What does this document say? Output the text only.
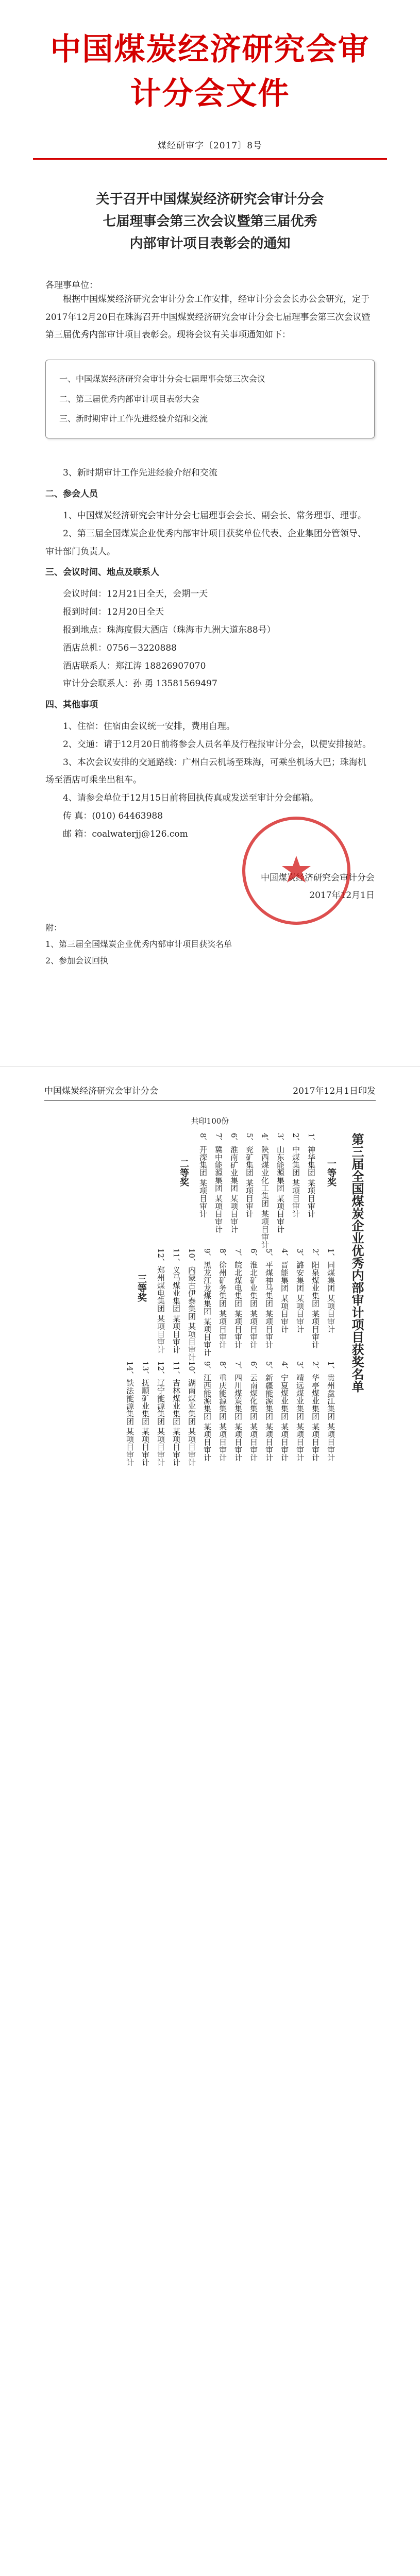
中国煤炭经济研究会审计分会文件
煤经研审字〔2017〕8号
关于召开中国煤炭经济研究会审计分会
七届理事会第三次会议暨第三届优秀
内部审计项目表彰会的通知
各理事单位：

根据中国煤炭经济研究会审计分会工作安排，经审计分会会长办公会研究，定于2017年12月20日在珠海召开中国煤炭经济研究会审计分会七届理事会第三次会议暨第三届优秀内部审计项目表彰会。现将会议有关事项通知如下：

一、中国煤炭经济研究会审计分会七届理事会第三次会议
二、第三届优秀内部审计项目表彰大会
三、新时期审计工作先进经验介绍和交流

3、新时期审计工作先进经验介绍和交流

二、参会人员

1、中国煤炭经济研究会审计分会七届理事会会长、副会长、常务理事、理事。

2、第三届全国煤炭企业优秀内部审计项目获奖单位代表、企业集团分管领导、审计部门负责人。

三、会议时间、地点及联系人

会议时间：12月21日全天，会期一天

报到时间：12月20日全天

报到地点：珠海度假大酒店（珠海市九洲大道东88号）

酒店总机：0756－3220888

酒店联系人：郑江涛 18826907070

审计分会联系人：孙 勇 13581569497

四、其他事项

1、住宿：住宿由会议统一安排，费用自理。

2、交通：请于12月20日前将参会人员名单及行程报审计分会，以便安排接站。

3、本次会议安排的交通路线：广州白云机场至珠海，可乘坐机场大巴；珠海机场至酒店可乘坐出租车。

4、请参会单位于12月15日前将回执传真或发送至审计分会邮箱。

传 真：(010) 64463988

邮 箱：coalwaterjj@126.com

中国煤炭经济研究会审计分会
2017年12月1日
附：
1、第三届全国煤炭企业优秀内部审计项目获奖名单
2、参加会议回执
中国煤炭经济研究会审计分会	2017年12月1日印发
共印100份
第三届全国煤炭企业优秀内部审计项目获奖名单
一等奖
1、神华集团 某项目审计
2、中煤集团 某项目审计
3、山东能源集团 某项目审计
4、陕西煤业化工集团 某项目审计
5、兖矿集团 某项目审计
6、淮南矿业集团 某项目审计
7、冀中能源集团 某项目审计
8、开滦集团 某项目审计
二等奖
1、同煤集团 某项目审计
2、阳泉煤业集团 某项目审计
3、潞安集团 某项目审计
4、晋能集团 某项目审计
5、平煤神马集团 某项目审计
6、淮北矿业集团 某项目审计
7、皖北煤电集团 某项目审计
8、徐州矿务集团 某项目审计
9、黑龙江龙煤集团 某项目审计
10、内蒙古伊泰集团 某项目审计
11、义马煤业集团 某项目审计
12、郑州煤电集团 某项目审计
三等奖
1、贵州盘江集团 某项目审计
2、华亭煤业集团 某项目审计
3、靖远煤业集团 某项目审计
4、宁夏煤业集团 某项目审计
5、新疆能源集团 某项目审计
6、云南煤化集团 某项目审计
7、四川煤炭集团 某项目审计
8、重庆能源集团 某项目审计
9、江西能源集团 某项目审计
10、湖南煤业集团 某项目审计
11、吉林煤业集团 某项目审计
12、辽宁能源集团 某项目审计
13、抚顺矿业集团 某项目审计
14、铁法能源集团 某项目审计
